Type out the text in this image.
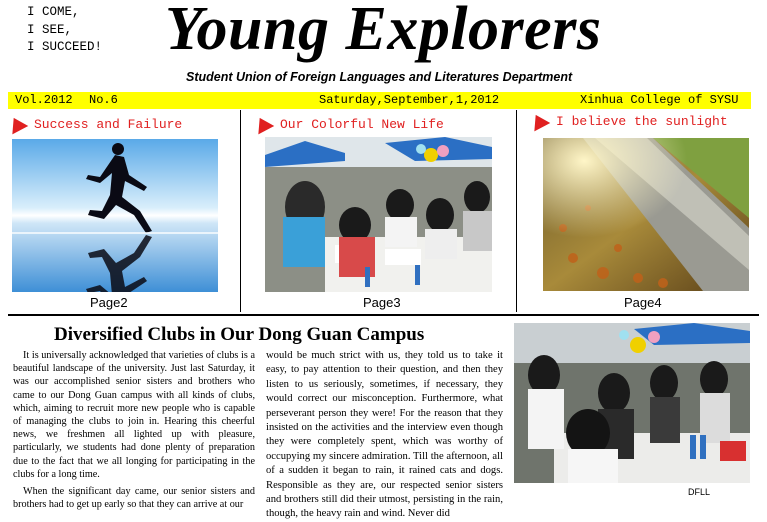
I COME,
I SEE,
I SUCCEED! Young Explorers
Student Union of Foreign Languages and Literatures Department
Vol.2012 No.6	Saturday,September,1,2012	Xinhua College of SYSU
Success and Failure
Page2
Our Colorful New Life
Page3
I believe the sunlight
Page4
Diversified Clubs in Our Dong Guan Campus

It is universally acknowledged that varieties of clubs is a beautiful landscape of the university. Just last Saturday, it was our accomplished senior sisters and brothers who came to our Dong Guan campus with all kinds of clubs, which, aiming to recruit more new people who is capable of managing the clubs to join in. Hearing this cheerful news, we freshmen all lighted up with pleasure, particularly, we students had done plenty of preparation due to the fact that we all longing for participating in the clubs for a long time.

When the significant day came, our senior sisters and brothers had to get up early so that they can arrive at our

would be much strict with us, they told us to take it easy, to pay attention to their question, and then they listen to us seriously, sometimes, if necessary, they would correct our misconception. Furthermore, what perseverant person they were! For the reason that they insisted on the activities and the interview even though they were completely spent, which was worthy of occupying my sincere admiration. Till the afternoon, all of a sudden it began to rain, it rained cats and dogs. Responsible as they are, our respected senior sisters and brothers still did their utmost, persisting in the rain, though, the heavy rain and wind. Never did

DFLL
